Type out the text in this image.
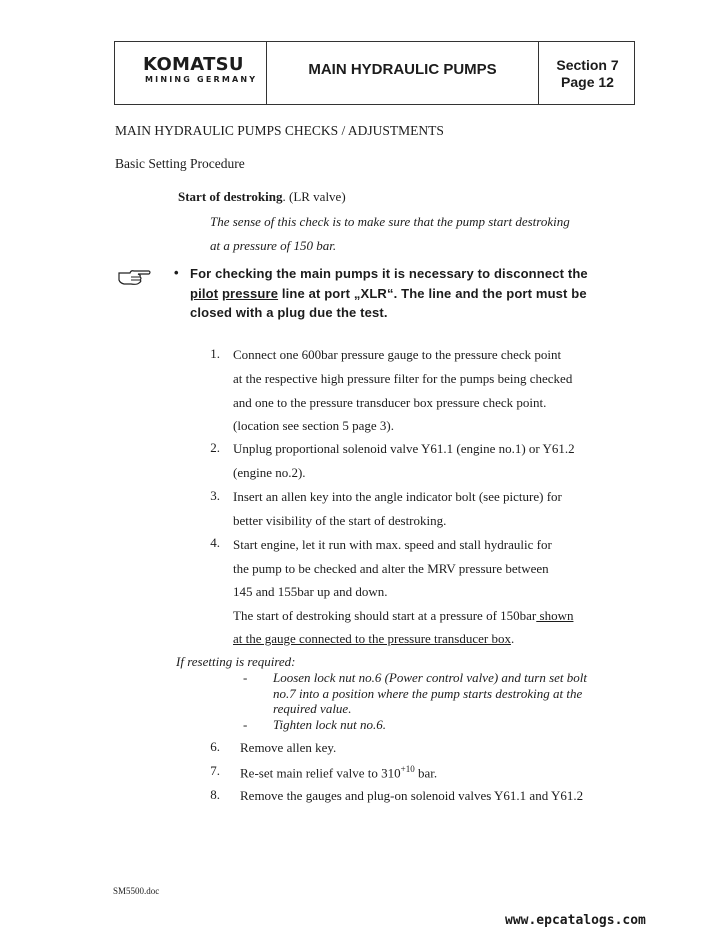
KOMATSU
MINING GERMANY
MAIN HYDRAULIC PUMPS	Section 7
Page 12
MAIN HYDRAULIC PUMPS CHECKS / ADJUSTMENTS
Basic Setting Procedure
Start of destroking. (LR valve)
The sense of this check is to make sure that the pump start destroking
at a pressure of 150 bar.
• For checking the main pumps it is necessary to disconnect the
pilot pressure line at port „XLR“. The line and the port must be
closed with a plug due the test.
1. Connect one 600bar pressure gauge to the pressure check point
at the respective high pressure filter for the pumps being checked
and one to the pressure transducer box pressure check point.
(location see section 5 page 3).
2. Unplug proportional solenoid valve Y61.1 (engine no.1) or Y61.2
(engine no.2).
3. Insert an allen key into the angle indicator bolt (see picture) for
better visibility of the start of destroking.
4. Start engine, let it run with max. speed and stall hydraulic for
the pump to be checked and alter the MRV pressure between
145 and 155bar up and down.
The start of destroking should start at a pressure of 150bar shown
at the gauge connected to the pressure transducer box.
If resetting is required:
- Loosen lock nut no.6 (Power control valve) and turn set bolt
no.7 into a position where the pump starts destroking at the
required value.
- Tighten lock nut no.6.
6. Remove allen key.
7. Re-set main relief valve to $310^{+10}$ bar.
8. Remove the gauges and plug-on solenoid valves Y61.1 and Y61.2
SM5500.doc
www.epcatalogs.com
